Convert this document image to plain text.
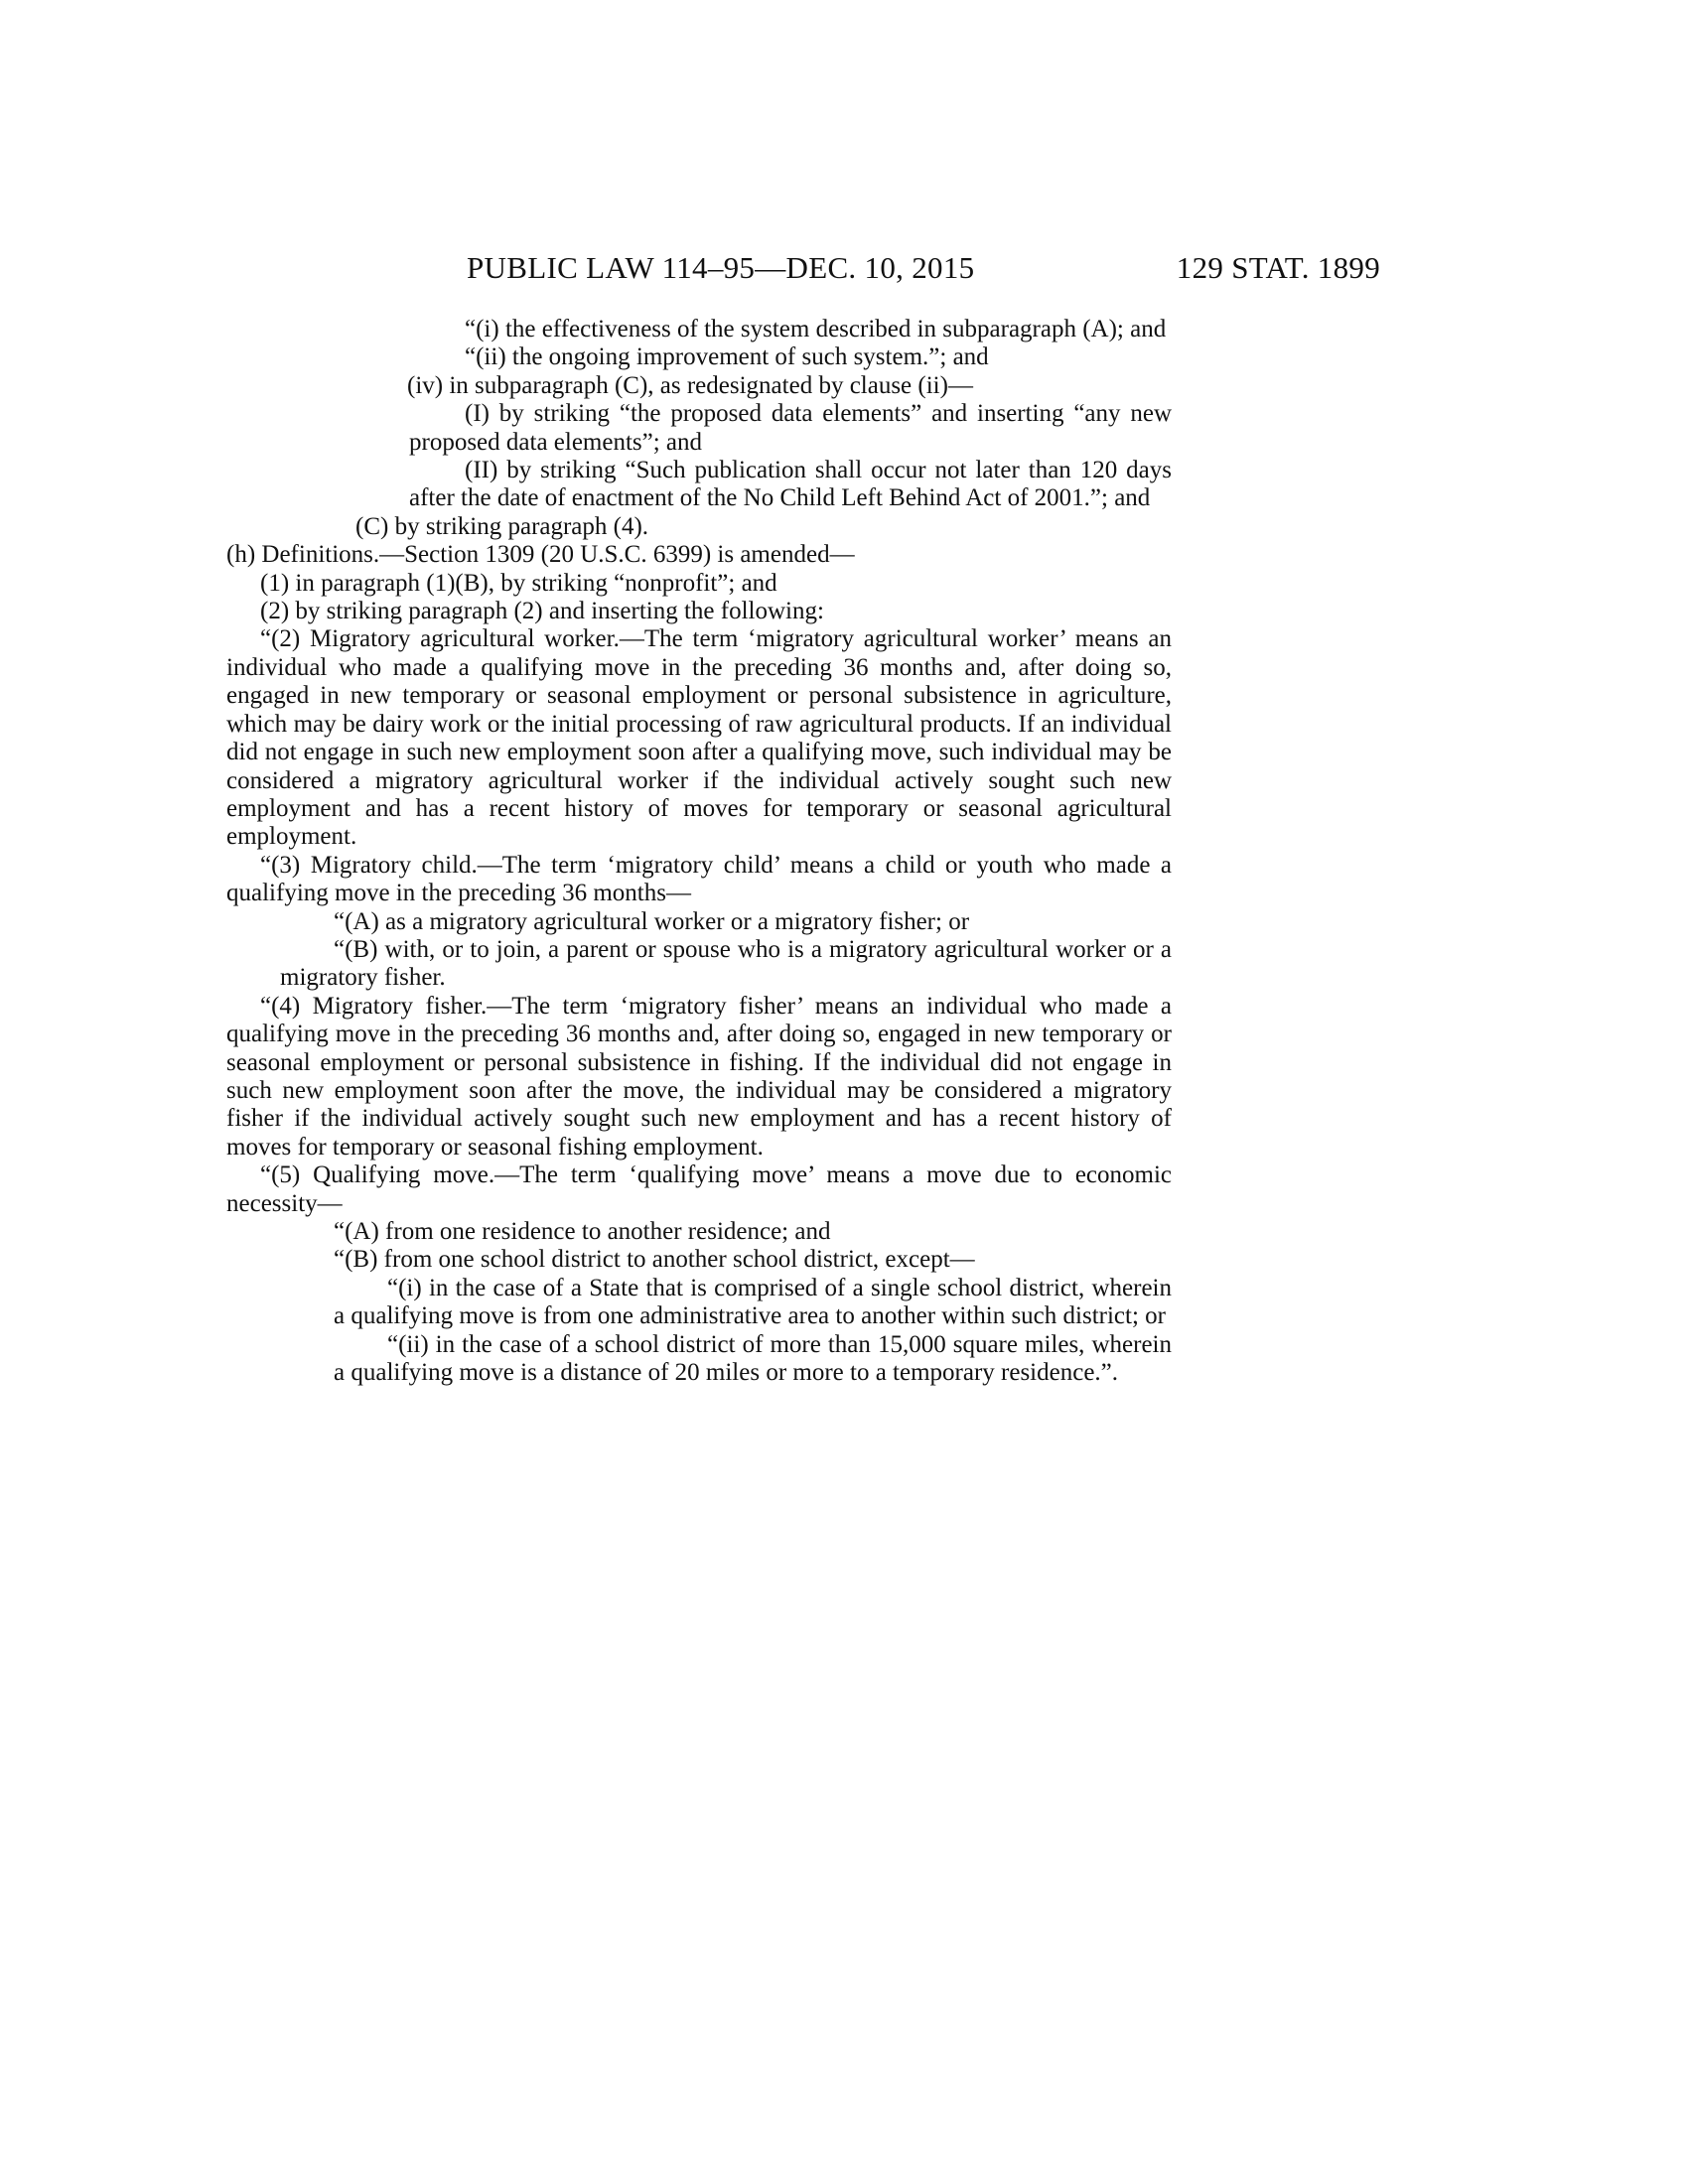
PUBLIC LAW 114–95—DEC. 10, 2015	129 STAT. 1899

“(i) the effectiveness of the system described in subparagraph (A); and

“(ii) the ongoing improvement of such system.”; and

(iv) in subparagraph (C), as redesignated by clause (ii)—

(I) by striking “the proposed data elements” and inserting “any new proposed data elements”; and

(II) by striking “Such publication shall occur not later than 120 days after the date of enactment of the No Child Left Behind Act of 2001.”; and

(C) by striking paragraph (4).

(h) Definitions.—Section 1309 (20 U.S.C. 6399) is amended—

(1) in paragraph (1)(B), by striking “nonprofit”; and

(2) by striking paragraph (2) and inserting the following:

“(2) Migratory agricultural worker.—The term ‘migratory agricultural worker’ means an individual who made a qualifying move in the preceding 36 months and, after doing so, engaged in new temporary or seasonal employment or personal subsistence in agriculture, which may be dairy work or the initial processing of raw agricultural products. If an individual did not engage in such new employment soon after a qualifying move, such individual may be considered a migratory agricultural worker if the individual actively sought such new employment and has a recent history of moves for temporary or seasonal agricultural employment.

“(3) Migratory child.—The term ‘migratory child’ means a child or youth who made a qualifying move in the preceding 36 months—

“(A) as a migratory agricultural worker or a migratory fisher; or

“(B) with, or to join, a parent or spouse who is a migratory agricultural worker or a migratory fisher.

“(4) Migratory fisher.—The term ‘migratory fisher’ means an individual who made a qualifying move in the preceding 36 months and, after doing so, engaged in new temporary or seasonal employment or personal subsistence in fishing. If the individual did not engage in such new employment soon after the move, the individual may be considered a migratory fisher if the individual actively sought such new employment and has a recent history of moves for temporary or seasonal fishing employment.

“(5) Qualifying move.—The term ‘qualifying move’ means a move due to economic necessity—

“(A) from one residence to another residence; and

“(B) from one school district to another school district, except—

“(i) in the case of a State that is comprised of a single school district, wherein a qualifying move is from one administrative area to another within such district; or

“(ii) in the case of a school district of more than 15,000 square miles, wherein a qualifying move is a distance of 20 miles or more to a temporary residence.”.
